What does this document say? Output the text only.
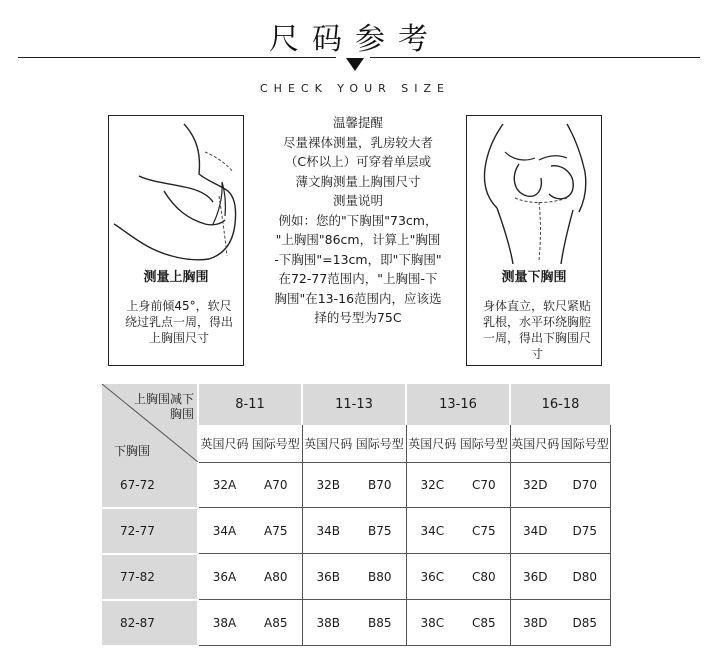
尺码参考
CHECK YOUR SIZE
测量上胸围
上身前倾45°，软尺绕过乳点一周，得出上胸围尺寸
温馨提醒
尽量裸体测量，乳房较大者
（C杯以上）可穿着单层或
薄文胸测量上胸围尺寸
测量说明
例如：您的"下胸围"73cm，
"上胸围"86cm，计算上"胸围
-下胸围"=13cm，即"下胸围"
在72-77范围内，"上胸围-下
胸围"在13-16范围内，应该选
择的号型为75C
测量下胸围
身体直立，软尺紧贴乳根，水平环绕胸腔一周，得出下胸围尺寸
上胸围减下胸围
下胸围	8-11		11-13		13-16		16-18	
	英国尺码	国际号型	英国尺码	国际号型	英国尺码	国际号型	英国尺码	国际号型
67-72	32A	A70	32B	B70	32C	C70	32D	D70
72-77	34A	A75	34B	B75	34C	C75	34D	D75
77-82	36A	A80	36B	B80	36C	C80	36D	D80
82-87	38A	A85	38B	B85	38C	C85	38D	D85
